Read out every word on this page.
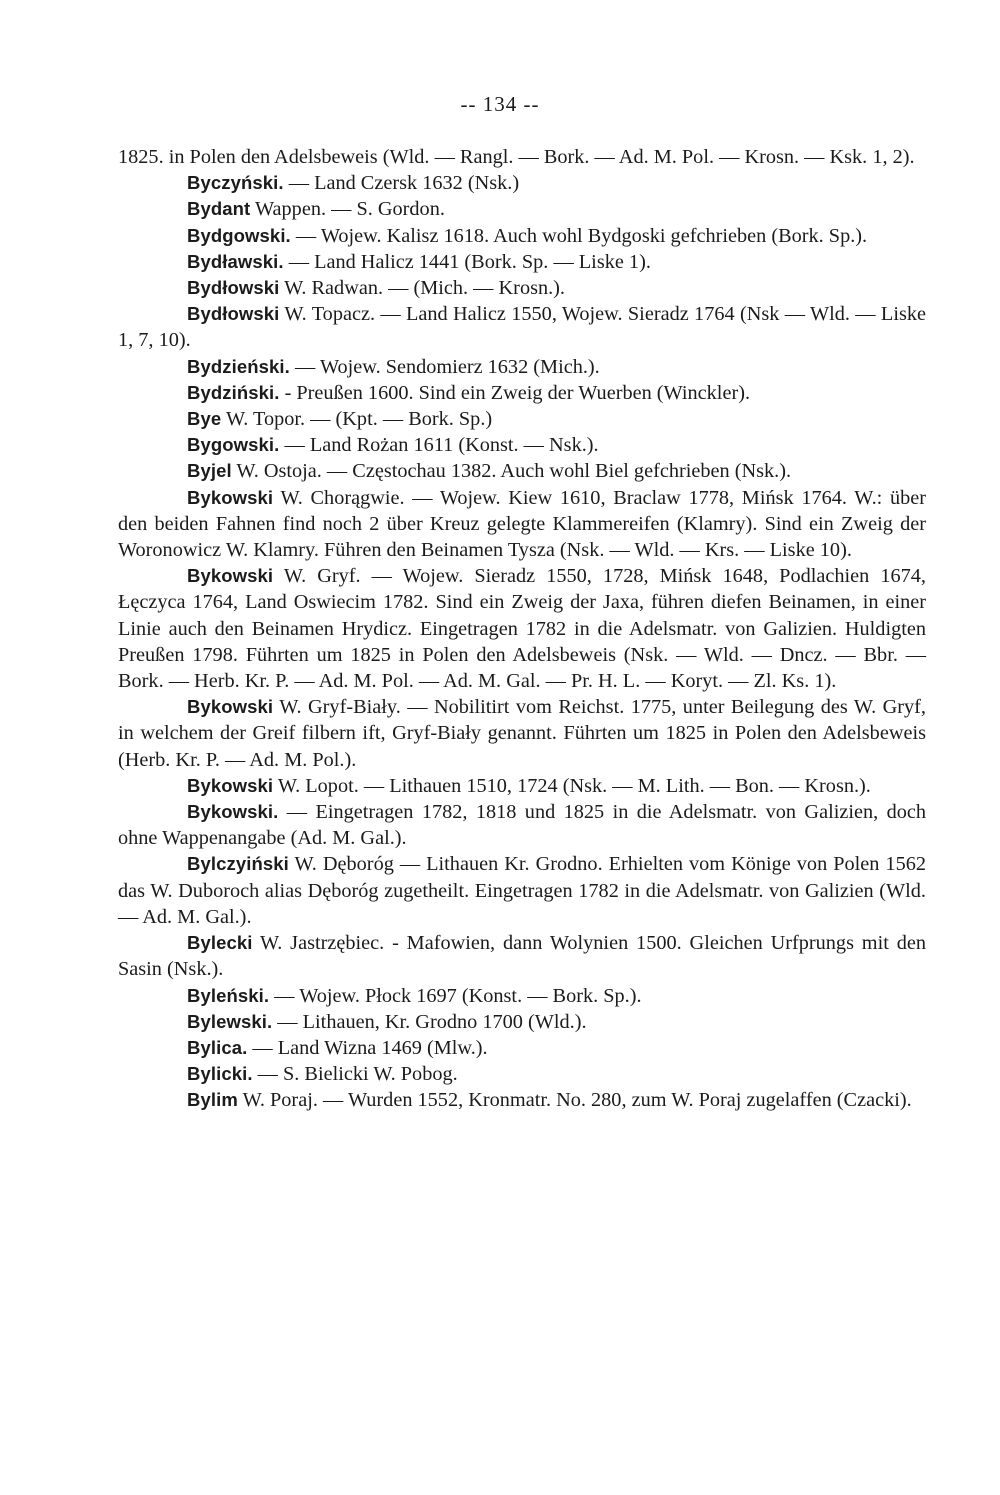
-- 134 --

1825. in Polen den Adelsbeweis (Wld. — Rangl. — Bork. — Ad. M. Pol. — Krosn. — Ksk. 1, 2).

Byczyński. — Land Czersk 1632 (Nsk.)

Bydant Wappen. — S. Gordon.

Bydgowski. — Wojew. Kalisz 1618. Auch wohl Bydgoski gefchrieben (Bork. Sp.).

Bydławski. — Land Halicz 1441 (Bork. Sp. — Liske 1).

Bydłowski W. Radwan. — (Mich. — Krosn.).

Bydłowski W. Topacz. — Land Halicz 1550, Wojew. Sieradz 1764 (Nsk — Wld. — Liske 1, 7, 10).

Bydzieński. — Wojew. Sendomierz 1632 (Mich.).

Bydziński. - Preußen 1600. Sind ein Zweig der Wuerben (Winckler).

Bye W. Topor. — (Kpt. — Bork. Sp.)

Bygowski. — Land Rożan 1611 (Konst. — Nsk.).

Byjel W. Ostoja. — Częstochau 1382. Auch wohl Biel gefchrieben (Nsk.).

Bykowski W. Chorągwie. — Wojew. Kiew 1610, Braclaw 1778, Mińsk 1764. W.: über den beiden Fahnen find noch 2 über Kreuz gelegte Klammereifen (Klamry). Sind ein Zweig der Woronowicz W. Klamry. Führen den Beinamen Tysza (Nsk. — Wld. — Krs. — Liske 10).

Bykowski W. Gryf. — Wojew. Sieradz 1550, 1728, Mińsk 1648, Podlachien 1674, Łęczyca 1764, Land Oswiecim 1782. Sind ein Zweig der Jaxa, führen diefen Beinamen, in einer Linie auch den Beinamen Hrydicz. Eingetragen 1782 in die Adelsmatr. von Galizien. Huldigten Preußen 1798. Führten um 1825 in Polen den Adelsbeweis (Nsk. — Wld. — Dncz. — Bbr. — Bork. — Herb. Kr. P. — Ad. M. Pol. — Ad. M. Gal. — Pr. H. L. — Koryt. — Zl. Ks. 1).

Bykowski W. Gryf-Biały. — Nobilitirt vom Reichst. 1775, unter Beilegung des W. Gryf, in welchem der Greif filbern ift, Gryf-Biały genannt. Führten um 1825 in Polen den Adelsbeweis (Herb. Kr. P. — Ad. M. Pol.).

Bykowski W. Lopot. — Lithauen 1510, 1724 (Nsk. — M. Lith. — Bon. — Krosn.).

Bykowski. — Eingetragen 1782, 1818 und 1825 in die Adelsmatr. von Galizien, doch ohne Wappenangabe (Ad. M. Gal.).

Bylczyiński W. Dęboróg — Lithauen Kr. Grodno. Erhielten vom Könige von Polen 1562 das W. Duboroch alias Dęboróg zugetheilt. Eingetragen 1782 in die Adelsmatr. von Galizien (Wld. — Ad. M. Gal.).

Bylecki W. Jastrzębiec. - Mafowien, dann Wolynien 1500. Gleichen Urfprungs mit den Sasin (Nsk.).

Byleński. — Wojew. Płock 1697 (Konst. — Bork. Sp.).

Bylewski. — Lithauen, Kr. Grodno 1700 (Wld.).

Bylica. — Land Wizna 1469 (Mlw.).

Bylicki. — S. Bielicki W. Pobog.

Bylim W. Poraj. — Wurden 1552, Kronmatr. No. 280, zum W. Poraj zugelaffen (Czacki).
